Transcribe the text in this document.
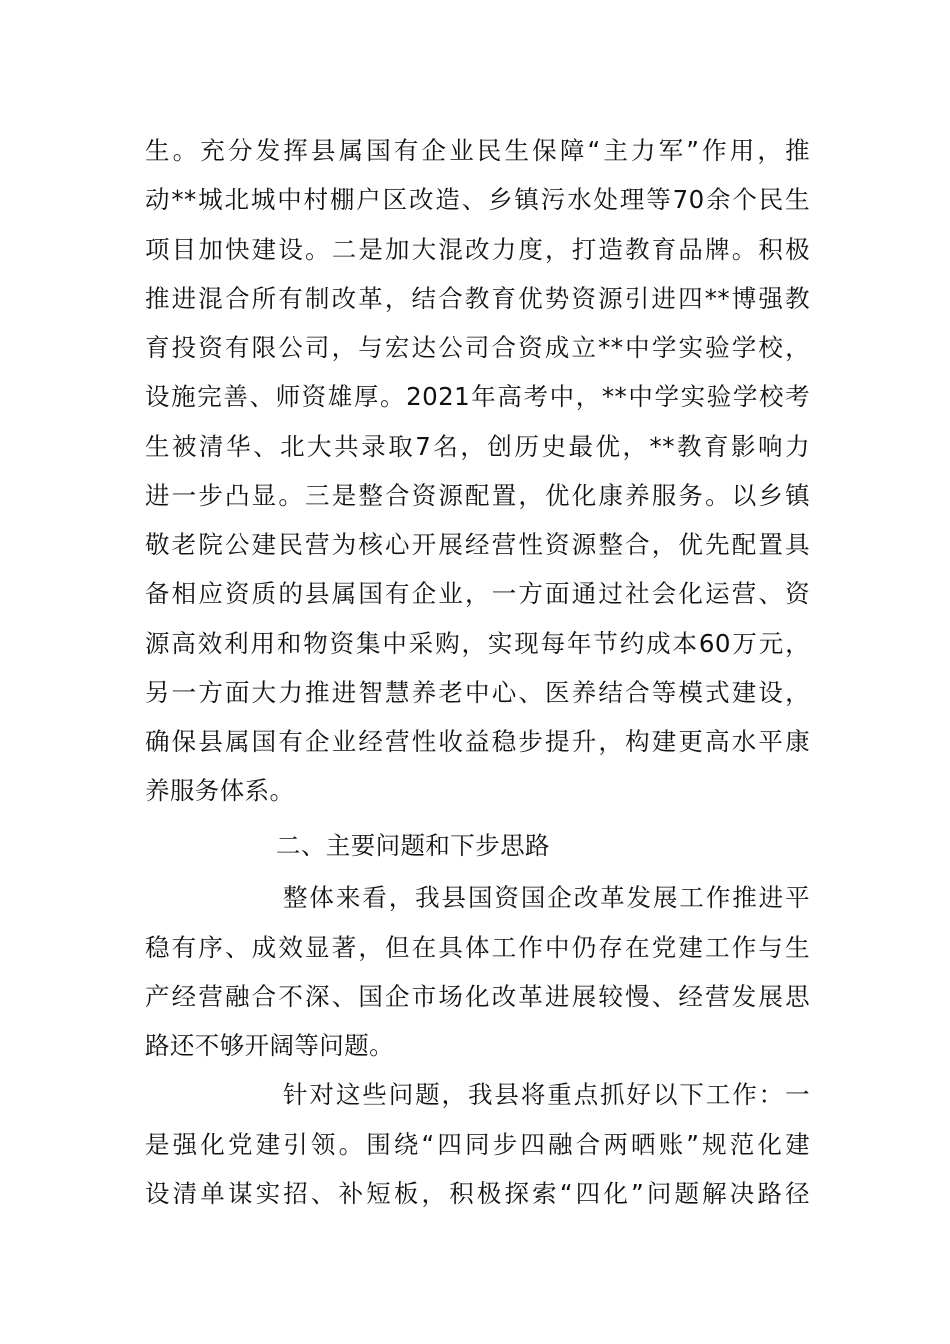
生。充分发挥县属国有企业民生保障“主力军”作用，推
动**城北城中村棚户区改造、乡镇污水处理等70余个民生
项目加快建设。二是加大混改力度，打造教育品牌。积极
推进混合所有制改革，结合教育优势资源引进四**博强教
育投资有限公司，与宏达公司合资成立**中学实验学校，
设施完善、师资雄厚。2021年高考中，**中学实验学校考
生被清华、北大共录取7名，创历史最优，**教育影响力
进一步凸显。三是整合资源配置，优化康养服务。以乡镇
敬老院公建民营为核心开展经营性资源整合，优先配置具
备相应资质的县属国有企业，一方面通过社会化运营、资
源高效利用和物资集中采购，实现每年节约成本60万元，
另一方面大力推进智慧养老中心、医养结合等模式建设，
确保县属国有企业经营性收益稳步提升，构建更高水平康
养服务体系。
二、主要问题和下步思路
整体来看，我县国资国企改革发展工作推进平
稳有序、成效显著，但在具体工作中仍存在党建工作与生
产经营融合不深、国企市场化改革进展较慢、经营发展思
路还不够开阔等问题。
针对这些问题，我县将重点抓好以下工作：一
是强化党建引领。围绕“四同步四融合两晒账”规范化建
设清单谋实招、补短板，积极探索“四化”问题解决路径
